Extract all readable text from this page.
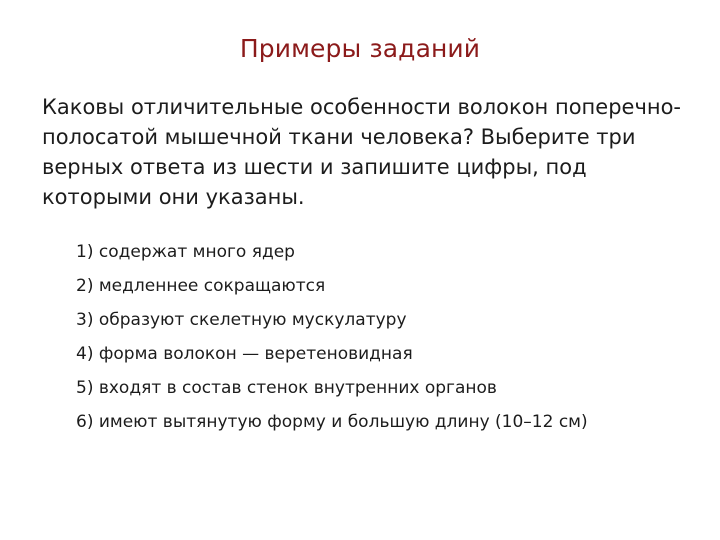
Примеры заданий
Каковы отличительные особенности волокон поперечно-полосатой мышечной ткани человека? Выберите три верных ответа из шести и запишите цифры, под которыми они указаны.
1) содержат много ядер
2) медленнее сокращаются
3) образуют скелетную мускулатуру
4) форма волокон — веретеновидная
5) входят в состав стенок внутренних органов
6) имеют вытянутую форму и большую длину (10–12 см)
